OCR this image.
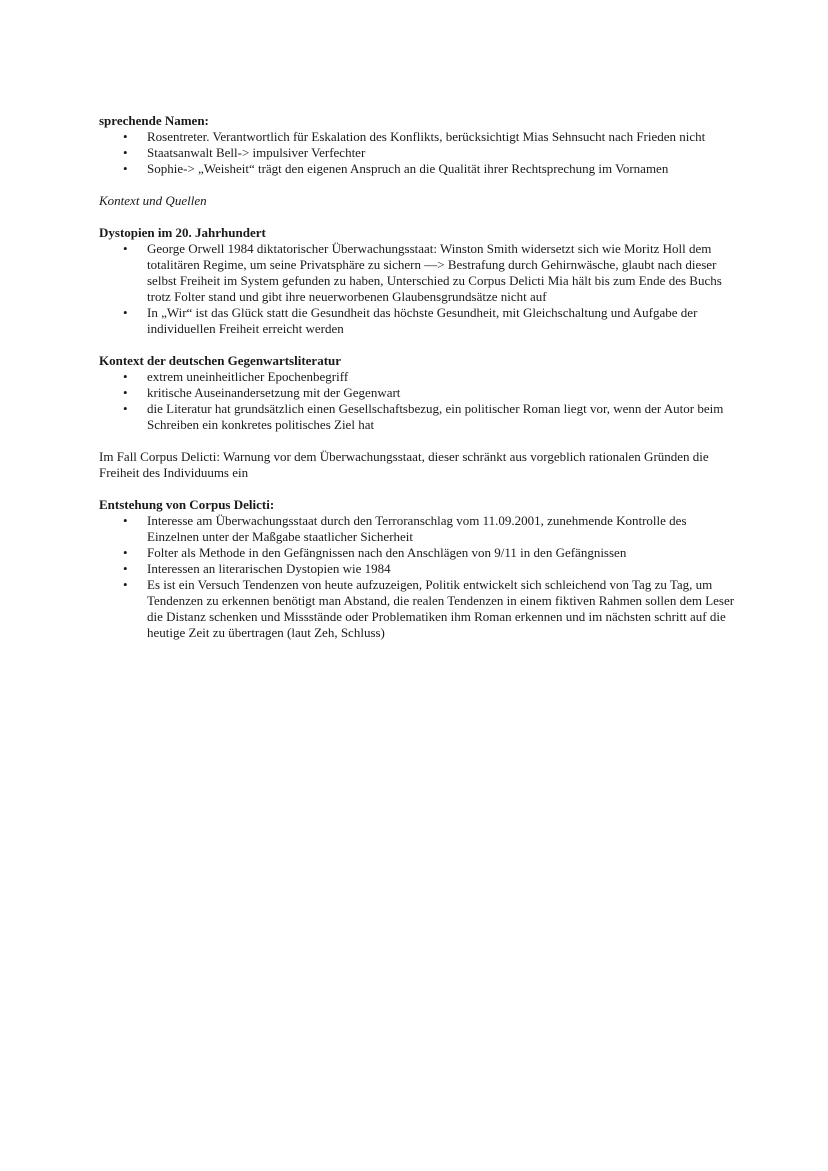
sprechende Namen:

•	Rosentreter. Verantwortlich für Eskalation des Konflikts, berücksichtigt Mias Sehnsucht nach Frieden nicht
•	Staatsanwalt Bell-> impulsiver Verfechter
•	Sophie-> „Weisheit“ trägt den eigenen Anspruch an die Qualität ihrer Rechtsprechung im Vornamen

Kontext und Quellen

Dystopien im 20. Jahrhundert

•	George Orwell 1984 diktatorischer Überwachungsstaat: Winston Smith widersetzt sich wie Moritz Holl dem totalitären Regime, um seine Privatsphäre zu sichern —> Bestrafung durch Gehirnwäsche, glaubt nach dieser selbst Freiheit im System gefunden zu haben, Unterschied zu Corpus Delicti Mia hält bis zum Ende des Buchs trotz Folter stand und gibt ihre neuerworbenen Glaubensgrundsätze nicht auf
•	In „Wir“ ist das Glück statt die Gesundheit das höchste Gesundheit, mit Gleichschaltung und Aufgabe der individuellen Freiheit erreicht werden

Kontext der deutschen Gegenwartsliteratur

•	extrem uneinheitlicher Epochenbegriff
•	kritische Auseinandersetzung mit der Gegenwart
•	die Literatur hat grundsätzlich einen Gesellschaftsbezug, ein politischer Roman liegt vor, wenn der Autor beim Schreiben ein konkretes politisches Ziel hat

Im Fall Corpus Delicti: Warnung vor dem Überwachungsstaat, dieser schränkt aus vorgeblich rationalen Gründen die Freiheit des Individuums ein

Entstehung von Corpus Delicti:

•	Interesse am Überwachungsstaat durch den Terroranschlag vom 11.09.2001, zunehmende Kontrolle des Einzelnen unter der Maßgabe staatlicher Sicherheit
•	Folter als Methode in den Gefängnissen nach den Anschlägen von 9/11 in den Gefängnissen
•	Interessen an literarischen Dystopien wie 1984
•	Es ist ein Versuch Tendenzen von heute aufzuzeigen, Politik entwickelt sich schleichend von Tag zu Tag, um Tendenzen zu erkennen benötigt man Abstand, die realen Tendenzen in einem fiktiven Rahmen sollen dem Leser die Distanz schenken und Missstände oder Problematiken ihm Roman erkennen und im nächsten schritt auf die heutige Zeit zu übertragen (laut Zeh, Schluss)
